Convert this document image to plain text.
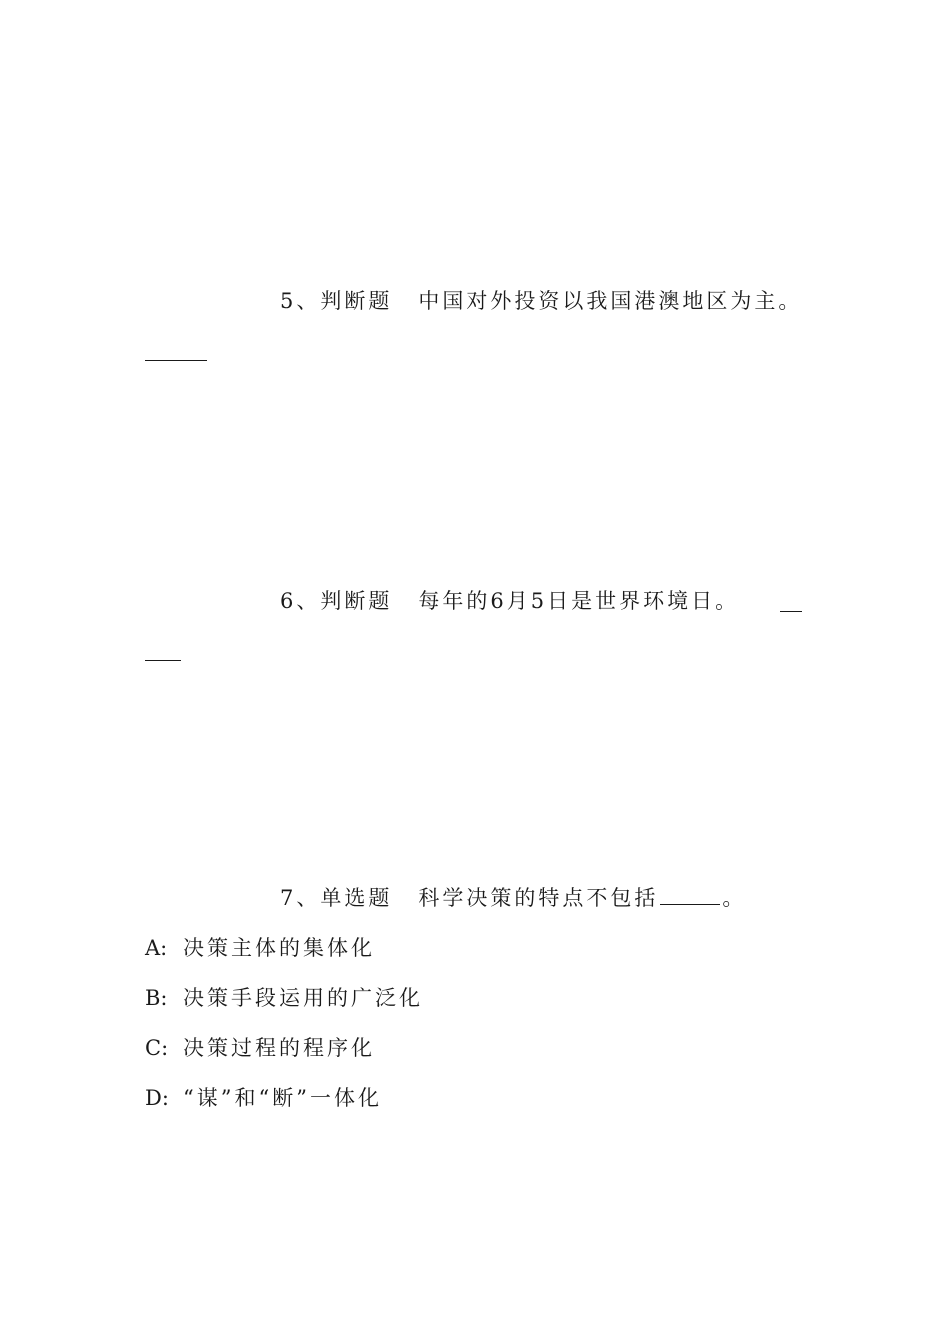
5、判断题 中国对外投资以我国港澳地区为主。
6、判断题 每年的6月5日是世界环境日。
7、单选题 科学决策的特点不包括	。
A: 决策主体的集体化
B: 决策手段运用的广泛化
C: 决策过程的程序化
D: “谋”和“断”一体化
